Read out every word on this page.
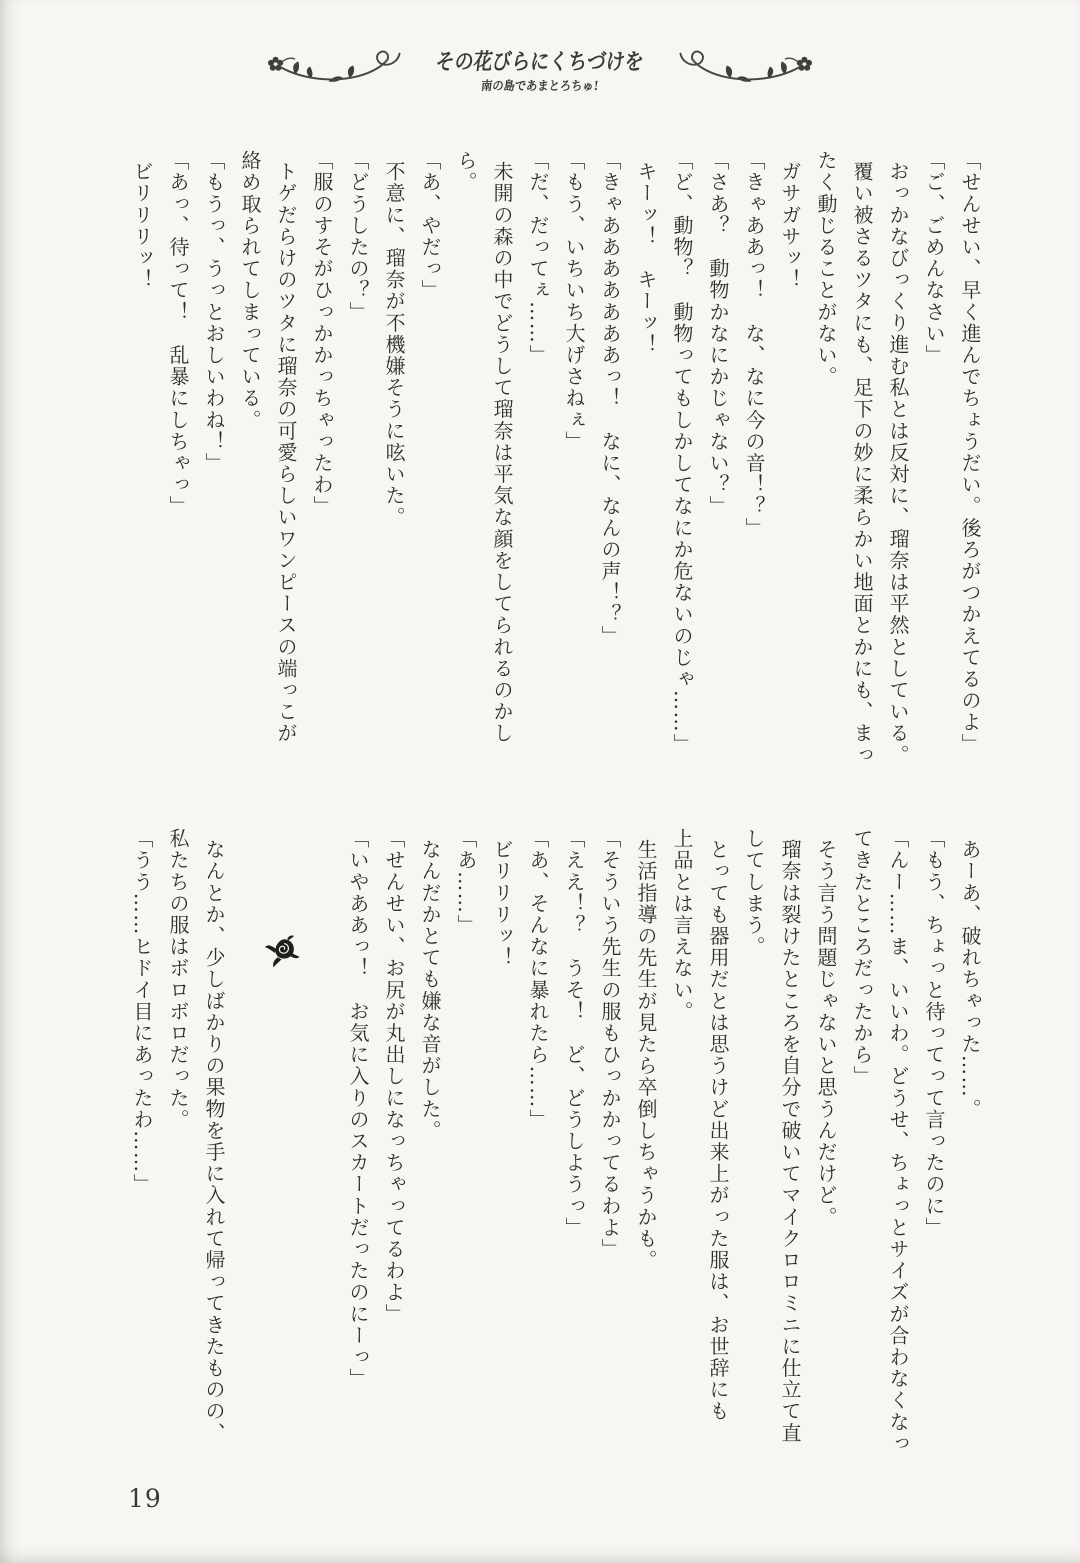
その花びらにくちづけを

南の島であまとろちゅ!

「せんせい、早く進んでちょうだい。後ろがつかえてるのよ」

「ご、ごめんなさい」

おっかなびっくり進む私とは反対に、瑠奈は平然としている。

覆い被さるツタにも、足下の妙に柔らかい地面とかにも、まっ

たく動じることがない。

ガサガサッ！

「きゃああっ！　な、なに今の音！？」

「さあ？　動物かなにかじゃない？」

「ど、動物？　動物ってもしかしてなにか危ないのじゃ……」

キーッ！　キーッ！

「きゃあああああああっ！　なに、なんの声！？」

「もう、いちいち大げさねぇ」

「だ、だってぇ……」

未開の森の中でどうして瑠奈は平気な顔をしてられるのかし

ら。

「あ、やだっ」

不意に、瑠奈が不機嫌そうに呟いた。

「どうしたの？」

「服のすそがひっかかっちゃったわ」

トゲだらけのツタに瑠奈の可愛らしいワンピースの端っこが

絡め取られてしまっている。

「もうっ、うっとおしいわね！」

「あっ、待って！　乱暴にしちゃっ」

ビリリリッ！

あーあ、破れちゃった……。

「もう、ちょっと待ってって言ったのに」

「んー……ま、いいわ。どうせ、ちょっとサイズが合わなくなっ

てきたところだったから」

そう言う問題じゃないと思うんだけど。

瑠奈は裂けたところを自分で破いてマイクロロミニに仕立て直

してしまう。

とっても器用だとは思うけど出来上がった服は、お世辞にも

上品とは言えない。

生活指導の先生が見たら卒倒しちゃうかも。

「そういう先生の服もひっかかってるわよ」

「ええ！？　うそ！　ど、どうしようっ」

「あ、そんなに暴れたら……」

ビリリリッ！

「あ……」

なんだかとても嫌な音がした。

「せんせい、お尻が丸出しになっちゃってるわよ」

「いやああっ！　お気に入りのスカートだったのにーっ」

なんとか、少しばかりの果物を手に入れて帰ってきたものの、

私たちの服はボロボロだった。

「うう……ヒドイ目にあったわ……」

19
